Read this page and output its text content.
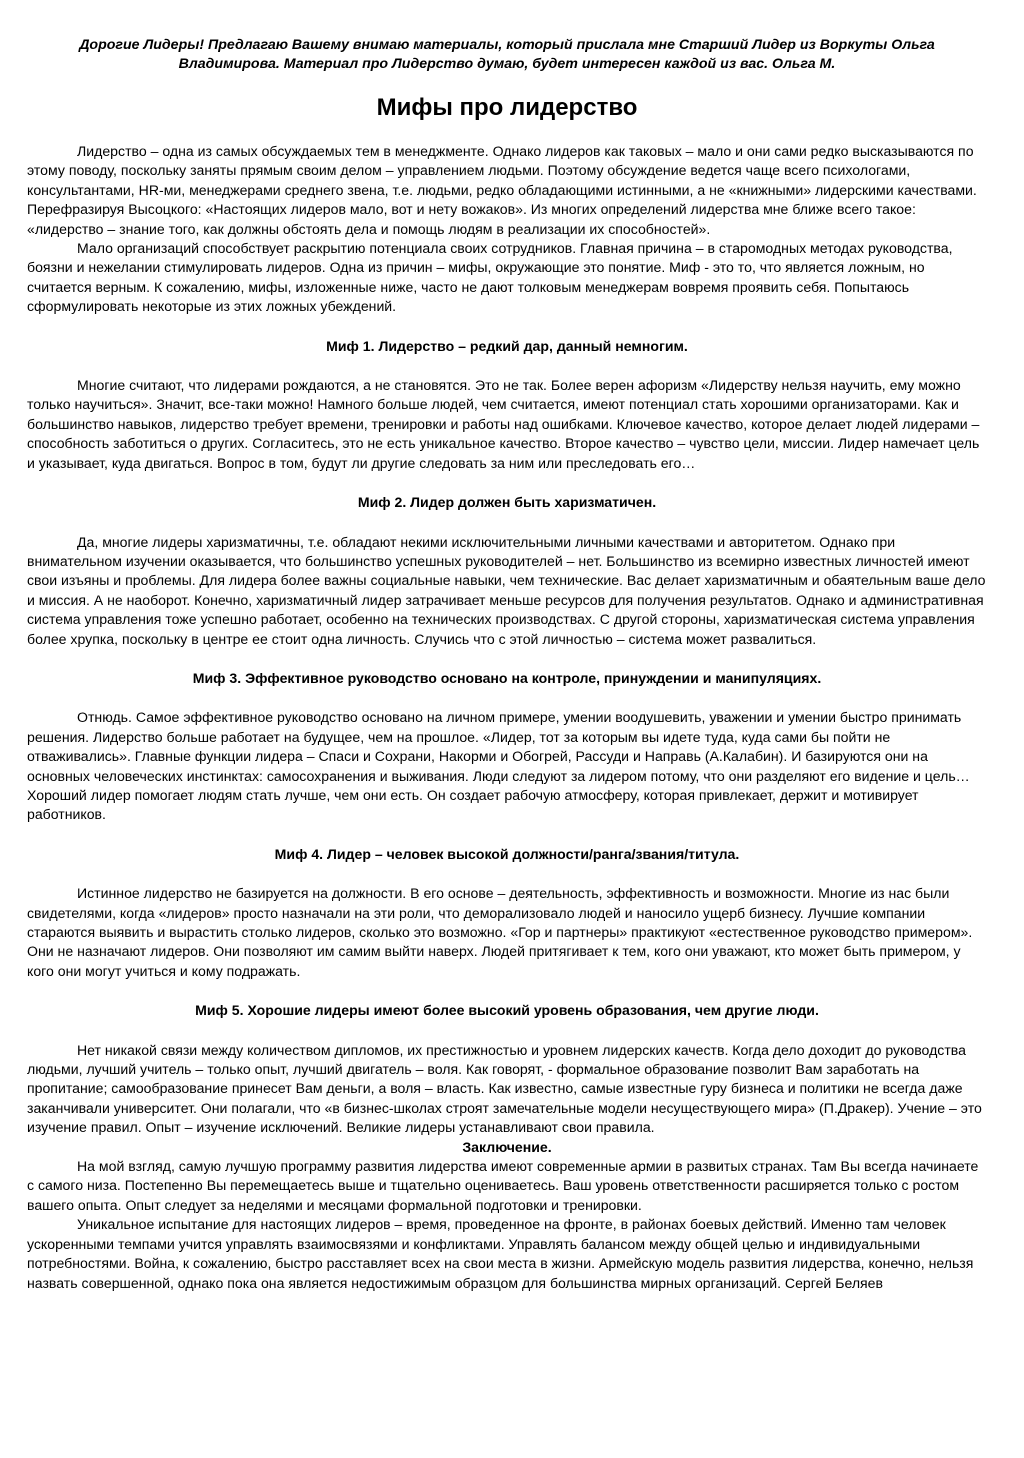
Дорогие Лидеры! Предлагаю Вашему внимаю материалы, который прислала мне Старший Лидер из Воркуты Ольга Владимирова. Материал про Лидерство думаю, будет интересен каждой из вас. Ольга М.

Мифы про лидерство

Лидерство – одна из самых обсуждаемых тем в менеджменте. Однако лидеров как таковых – мало и они сами редко высказываются по этому поводу, поскольку заняты прямым своим делом – управлением людьми. Поэтому обсуждение ведется чаще всего психологами, консультантами, HR-ми, менеджерами среднего звена, т.е. людьми, редко обладающими истинными, а не «книжными» лидерскими качествами. Перефразируя Высоцкого: «Настоящих лидеров мало, вот и нету вожаков». Из многих определений лидерства мне ближе всего такое: «лидерство – знание того, как должны обстоять дела и помощь людям в реализации их способностей».

Мало организаций способствует раскрытию потенциала своих сотрудников. Главная причина – в старомодных методах руководства, боязни и нежелании стимулировать лидеров. Одна из причин – мифы, окружающие это понятие. Миф - это то, что является ложным, но считается верным. К сожалению, мифы, изложенные ниже, часто не дают толковым менеджерам вовремя проявить себя. Попытаюсь сформулировать некоторые из этих ложных убеждений.

Миф 1. Лидерство – редкий дар, данный немногим.

Многие считают, что лидерами рождаются, а не становятся. Это не так. Более верен афоризм «Лидерству нельзя научить, ему можно только научиться». Значит, все-таки можно! Намного больше людей, чем считается, имеют потенциал стать хорошими организаторами. Как и большинство навыков, лидерство требует времени, тренировки и работы над ошибками. Ключевое качество, которое делает людей лидерами – способность заботиться о других. Согласитесь, это не есть уникальное качество. Второе качество – чувство цели, миссии. Лидер намечает цель и указывает, куда двигаться. Вопрос в том, будут ли другие следовать за ним или преследовать его…

Миф 2. Лидер должен быть харизматичен.

Да, многие лидеры харизматичны, т.е. обладают некими исключительными личными качествами и авторитетом. Однако при внимательном изучении оказывается, что большинство успешных руководителей – нет. Большинство из всемирно известных личностей имеют свои изъяны и проблемы. Для лидера более важны социальные навыки, чем технические. Вас делает харизматичным и обаятельным ваше дело и миссия. А не наоборот. Конечно, харизматичный лидер затрачивает меньше ресурсов для получения результатов. Однако и административная система управления тоже успешно работает, особенно на технических производствах. С другой стороны, харизматическая система управления более хрупка, поскольку в центре ее стоит одна личность. Случись что с этой личностью – система может развалиться.

Миф 3. Эффективное руководство основано на контроле, принуждении и манипуляциях.

Отнюдь. Самое эффективное руководство основано на личном примере, умении воодушевить, уважении и умении быстро принимать решения. Лидерство больше работает на будущее, чем на прошлое. «Лидер, тот за которым вы идете туда, куда сами бы пойти не отваживались». Главные функции лидера – Спаси и Сохрани, Накорми и Обогрей, Рассуди и Направь (А.Калабин). И базируются они на основных человеческих инстинктах: самосохранения и выживания. Люди следуют за лидером потому, что они разделяют его видение и цель… Хороший лидер помогает людям стать лучше, чем они есть. Он создает рабочую атмосферу, которая привлекает, держит и мотивирует работников.

Миф 4. Лидер – человек высокой должности/ранга/звания/титула.

Истинное лидерство не базируется на должности. В его основе – деятельность, эффективность и возможности. Многие из нас были свидетелями, когда «лидеров» просто назначали на эти роли, что деморализовало людей и наносило ущерб бизнесу. Лучшие компании стараются выявить и вырастить столько лидеров, сколько это возможно. «Гор и партнеры» практикуют «естественное руководство примером». Они не назначают лидеров. Они позволяют им самим выйти наверх. Людей притягивает к тем, кого они уважают, кто может быть примером, у кого они могут учиться и кому подражать.

Миф 5. Хорошие лидеры имеют более высокий уровень образования, чем другие люди.

Нет никакой связи между количеством дипломов, их престижностью и уровнем лидерских качеств. Когда дело доходит до руководства людьми, лучший учитель – только опыт, лучший двигатель – воля. Как говорят, - формальное образование позволит Вам заработать на пропитание; самообразование принесет Вам деньги, а воля – власть. Как известно, самые известные гуру бизнеса и политики не всегда даже заканчивали университет. Они полагали, что «в бизнес-школах строят замечательные модели несуществующего мира» (П.Дракер). Учение – это изучение правил. Опыт – изучение исключений. Великие лидеры устанавливают свои правила.

Заключение.

На мой взгляд, самую лучшую программу развития лидерства имеют современные армии в развитых странах. Там Вы всегда начинаете с самого низа. Постепенно Вы перемещаетесь выше и тщательно оцениваетесь. Ваш уровень ответственности расширяется только с ростом вашего опыта. Опыт следует за неделями и месяцами формальной подготовки и тренировки.

Уникальное испытание для настоящих лидеров – время, проведенное на фронте, в районах боевых действий. Именно там человек ускоренными темпами учится управлять взаимосвязями и конфликтами. Управлять балансом между общей целью и индивидуальными потребностями. Война, к сожалению, быстро расставляет всех на свои места в жизни. Армейскую модель развития лидерства, конечно, нельзя назвать совершенной, однако пока она является недостижимым образцом для большинства мирных организаций. Сергей Беляев
